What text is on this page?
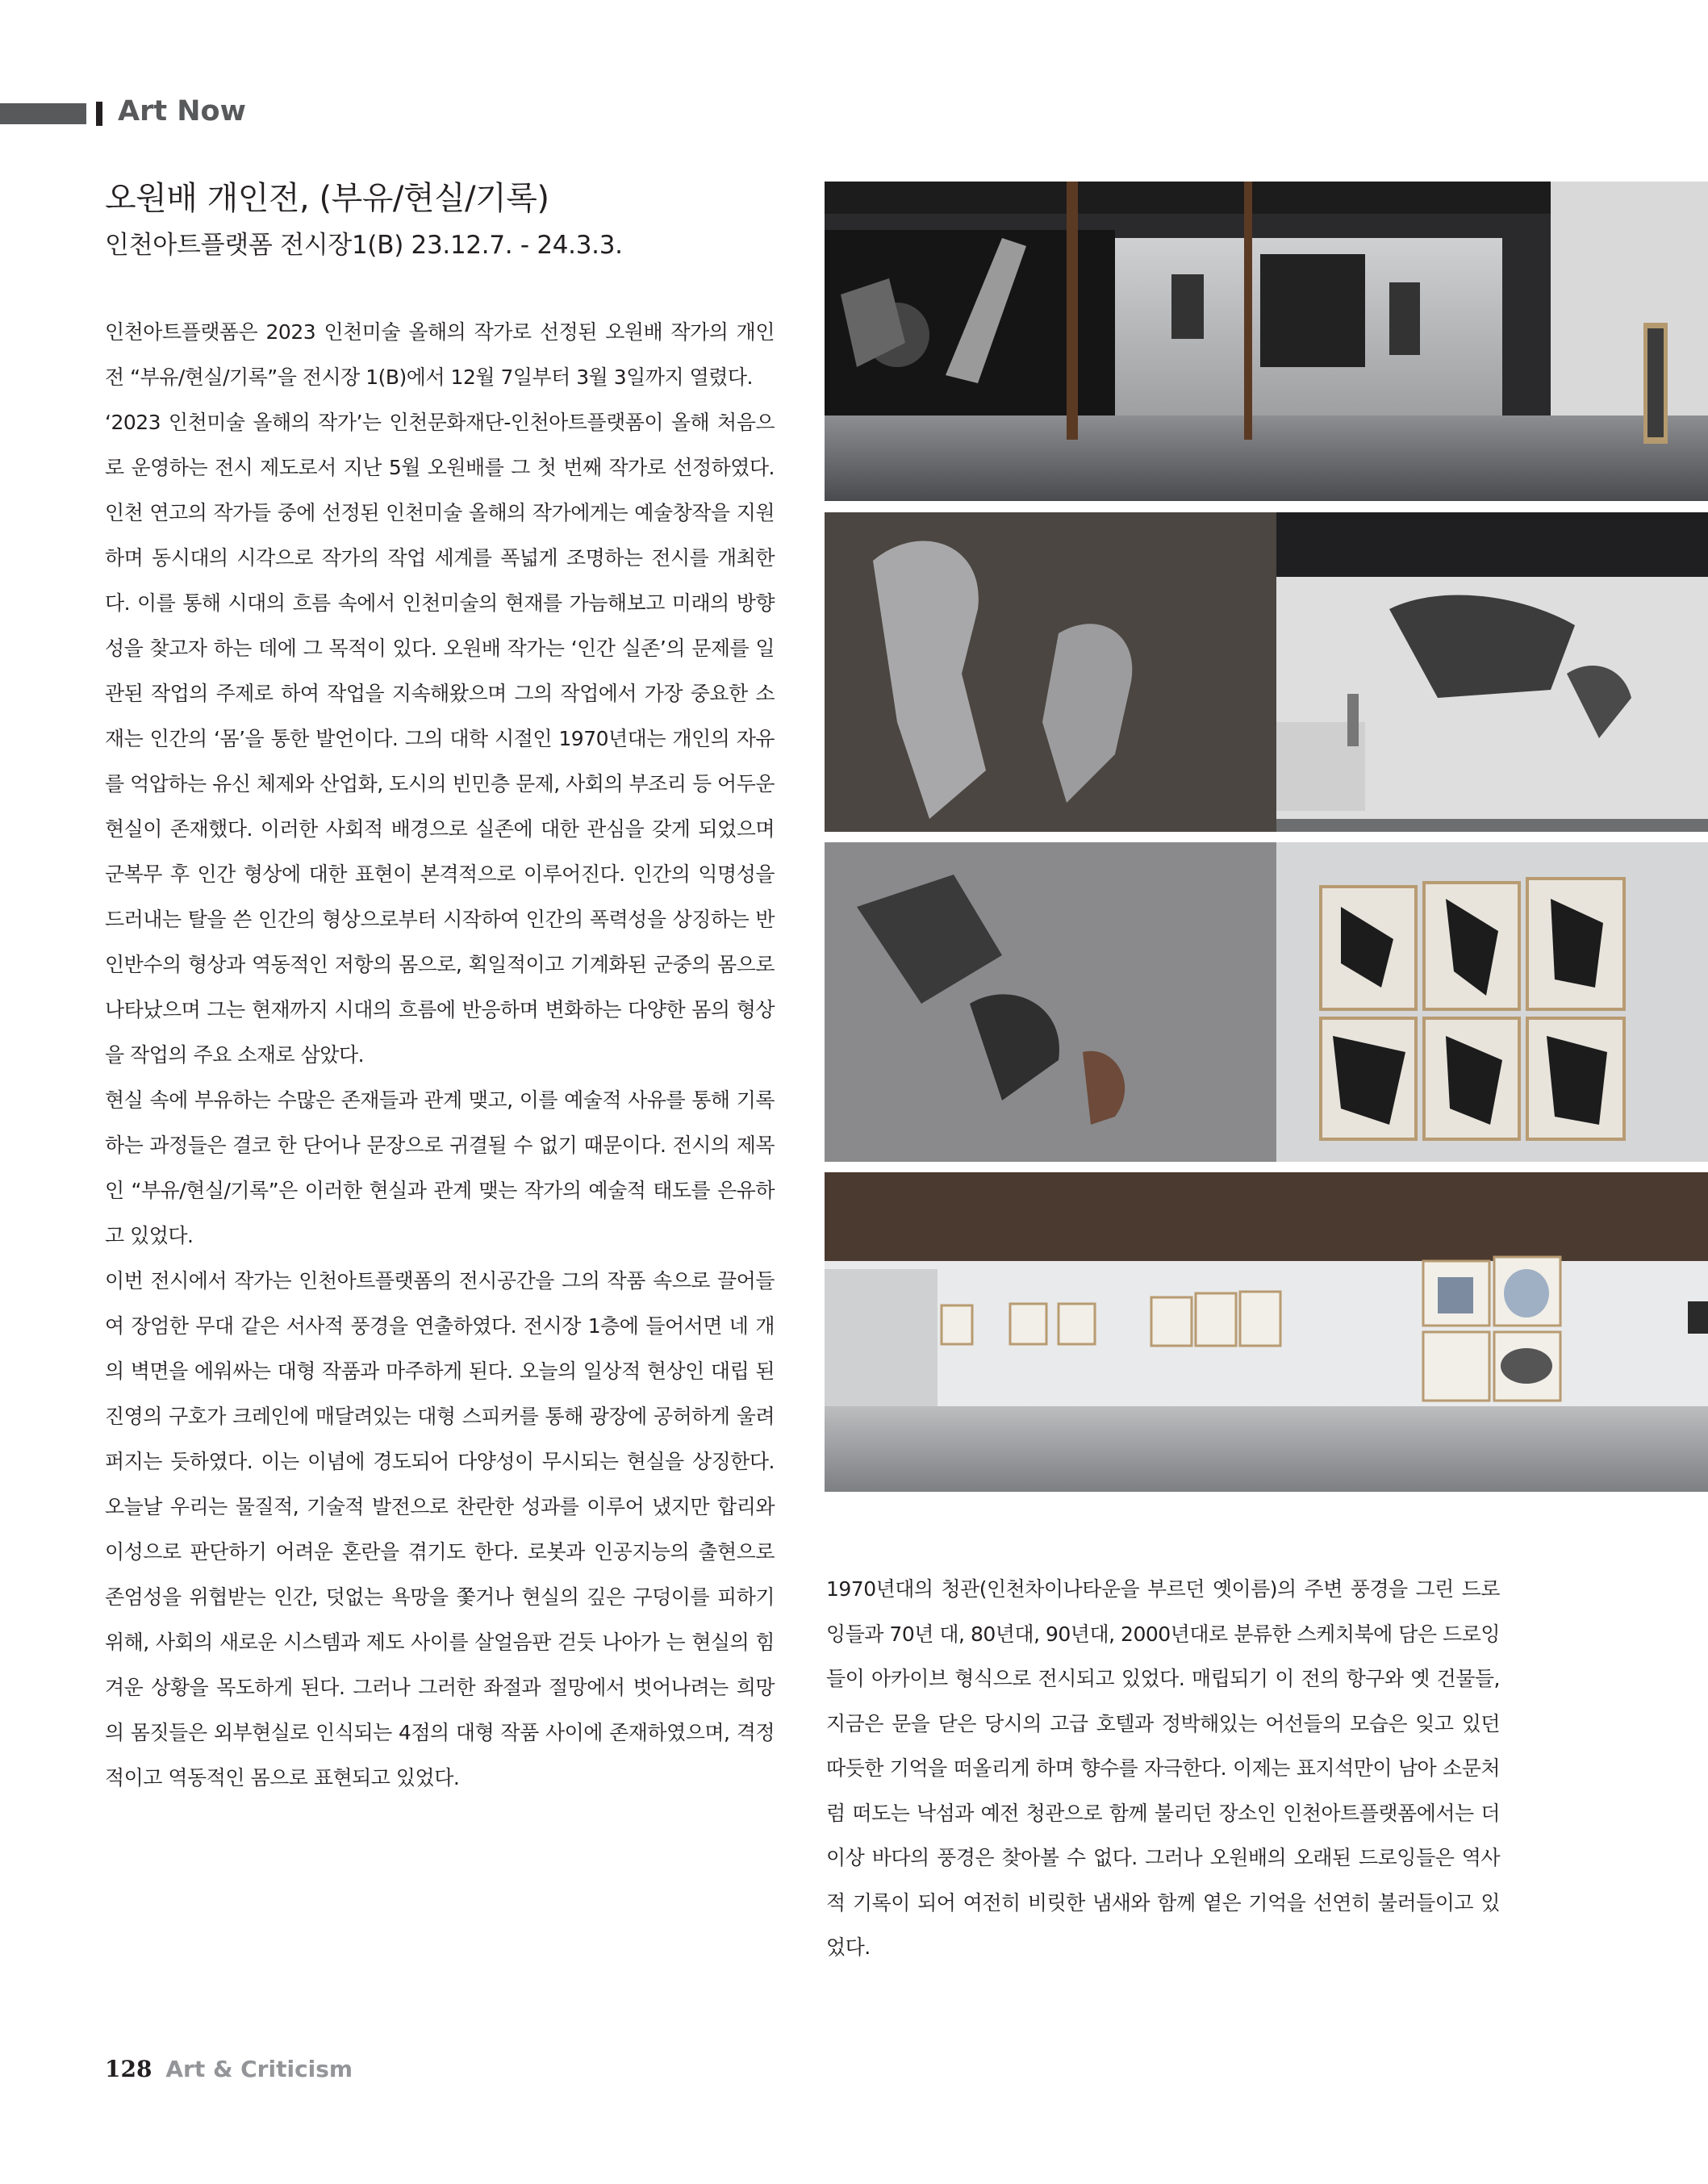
Art Now
오원배 개인전, (부유/현실/기록)
인천아트플랫폼 전시장1(B) 23.12.7. - 24.3.3.

인천아트플랫폼은 2023 인천미술 올해의 작가로 선정된 오원배 작가의 개인전 “부유/현실/기록”을 전시장 1(B)에서 12월 7일부터 3월 3일까지 열렸다.

‘2023 인천미술 올해의 작가’는 인천문화재단-인천아트플랫폼이 올해 처음으로 운영하는 전시 제도로서 지난 5월 오원배를 그 첫 번째 작가로 선정하였다. 인천 연고의 작가들 중에 선정된 인천미술 올해의 작가에게는 예술창작을 지원하며 동시대의 시각으로 작가의 작업 세계를 폭넓게 조명하는 전시를 개최한다. 이를 통해 시대의 흐름 속에서 인천미술의 현재를 가늠해보고 미래의 방향성을 찾고자 하는 데에 그 목적이 있다. 오원배 작가는 ‘인간 실존’의 문제를 일관된 작업의 주제로 하여 작업을 지속해왔으며 그의 작업에서 가장 중요한 소재는 인간의 ‘몸’을 통한 발언이다. 그의 대학 시절인 1970년대는 개인의 자유를 억압하는 유신 체제와 산업화, 도시의 빈민층 문제, 사회의 부조리 등 어두운 현실이 존재했다. 이러한 사회적 배경으로 실존에 대한 관심을 갖게 되었으며 군복무 후 인간 형상에 대한 표현이 본격적으로 이루어진다. 인간의 익명성을 드러내는 탈을 쓴 인간의 형상으로부터 시작하여 인간의 폭력성을 상징하는 반인반수의 형상과 역동적인 저항의 몸으로, 획일적이고 기계화된 군중의 몸으로 나타났으며 그는 현재까지 시대의 흐름에 반응하며 변화하는 다양한 몸의 형상을 작업의 주요 소재로 삼았다.

현실 속에 부유하는 수많은 존재들과 관계 맺고, 이를 예술적 사유를 통해 기록하는 과정들은 결코 한 단어나 문장으로 귀결될 수 없기 때문이다. 전시의 제목인 “부유/현실/기록”은 이러한 현실과 관계 맺는 작가의 예술적 태도를 은유하고 있었다.

이번 전시에서 작가는 인천아트플랫폼의 전시공간을 그의 작품 속으로 끌어들여 장엄한 무대 같은 서사적 풍경을 연출하였다. 전시장 1층에 들어서면 네 개의 벽면을 에워싸는 대형 작품과 마주하게 된다. 오늘의 일상적 현상인 대립 된 진영의 구호가 크레인에 매달려있는 대형 스피커를 통해 광장에 공허하게 울려 퍼지는 듯하였다. 이는 이념에 경도되어 다양성이 무시되는 현실을 상징한다. 오늘날 우리는 물질적, 기술적 발전으로 찬란한 성과를 이루어 냈지만 합리와 이성으로 판단하기 어려운 혼란을 겪기도 한다. 로봇과 인공지능의 출현으로 존엄성을 위협받는 인간, 덧없는 욕망을 쫓거나 현실의 깊은 구덩이를 피하기 위해, 사회의 새로운 시스템과 제도 사이를 살얼음판 걷듯 나아가 는 현실의 힘겨운 상황을 목도하게 된다. 그러나 그러한 좌절과 절망에서 벗어나려는 희망의 몸짓들은 외부현실로 인식되는 4점의 대형 작품 사이에 존재하였으며, 격정적이고 역동적인 몸으로 표현되고 있었다.

1970년대의 청관(인천차이나타운을 부르던 옛이름)의 주변 풍경을 그린 드로잉들과 70년 대, 80년대, 90년대, 2000년대로 분류한 스케치북에 담은 드로잉들이 아카이브 형식으로 전시되고 있었다. 매립되기 이 전의 항구와 옛 건물들, 지금은 문을 닫은 당시의 고급 호텔과 정박해있는 어선들의 모습은 잊고 있던 따듯한 기억을 떠올리게 하며 향수를 자극한다. 이제는 표지석만이 남아 소문처럼 떠도는 낙섬과 예전 청관으로 함께 불리던 장소인 인천아트플랫폼에서는 더 이상 바다의 풍경은 찾아볼 수 없다. 그러나 오원배의 오래된 드로잉들은 역사적 기록이 되어 여전히 비릿한 냄새와 함께 옅은 기억을 선연히 불러들이고 있었다.

128 Art & Criticism
